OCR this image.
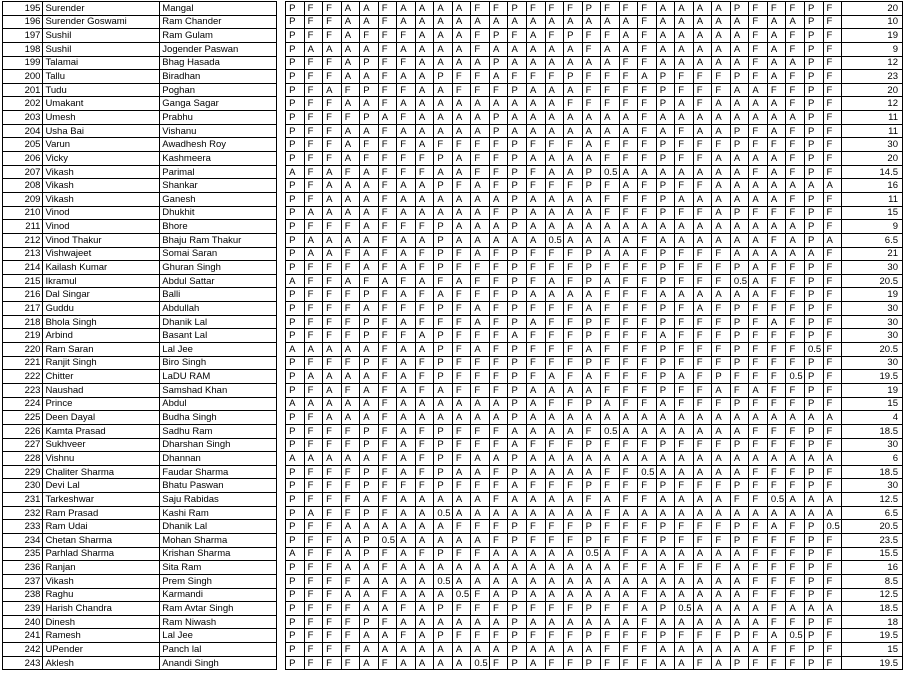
195	Surender	Mangal		P	F	F	A	A	F	A	A	A	A	F	F	P	F	F	F	P	F	F	F	A	A	A	A	P	F	F	F	P	F	20
196	Surender Goswami	Ram Chander		P	F	F	A	A	F	A	A	A	A	A	A	A	A	A	A	A	A	A	F	A	A	A	A	A	F	A	A	P	F	10
197	Sushil	Ram Gulam		P	F	F	A	F	F	F	A	A	A	F	P	F	A	F	P	F	F	A	F	A	A	A	A	A	F	A	F	P	F	19
198	Sushil	Jogender Paswan		P	A	A	A	A	F	A	A	A	A	F	A	A	A	A	A	F	A	A	F	A	A	A	A	A	F	A	F	P	F	9
199	Talamai	Bhag Hasada		P	F	F	A	P	F	F	A	A	A	A	P	A	A	A	A	A	A	F	F	A	A	A	A	A	F	A	A	P	F	12
200	Tallu	Biradhan		P	F	F	A	A	F	A	A	P	F	F	A	F	F	F	P	F	F	F	A	P	F	F	F	P	F	A	F	P	F	23
201	Tudu	Poghan		P	F	A	F	P	F	F	A	A	F	F	F	P	A	A	A	F	F	F	F	P	F	F	F	A	A	F	F	P	F	20
202	Umakant	Ganga Sagar		P	F	F	A	A	F	A	A	A	A	A	A	A	A	A	F	F	F	F	F	P	A	F	A	A	A	A	F	P	F	12
203	Umesh	Prabhu		P	F	F	F	P	A	F	A	A	A	A	P	A	A	A	A	A	A	A	F	A	A	A	A	A	A	A	A	P	F	11
204	Usha Bai	Vishanu		P	F	F	A	A	F	A	A	A	A	A	P	A	A	A	A	A	A	A	F	A	F	A	A	P	F	A	F	P	F	11
205	Varun	Awadhesh Roy		P	F	F	A	F	F	F	A	F	F	F	F	P	F	F	F	A	F	F	F	P	F	F	F	P	F	F	F	P	F	30
206	Vicky	Kashmeera		P	F	F	A	F	F	F	F	P	A	F	F	P	A	A	A	A	F	F	F	P	F	F	A	A	A	A	F	P	F	20
207	Vikash	Parimal		A	F	A	F	A	F	F	F	A	A	F	F	P	F	A	A	P	0.5	A	A	A	A	A	A	A	F	A	F	P	F	14.5
208	Vikash	Shankar		P	F	A	A	A	F	A	A	P	F	A	F	P	F	F	F	P	F	A	F	P	F	F	A	A	A	A	A	A	A	16
209	Vikash	Ganesh		P	F	A	A	A	F	A	A	A	A	A	A	P	A	A	A	A	F	F	F	P	A	A	A	A	A	A	F	P	F	11
210	Vinod	Dhukhit		P	A	A	A	A	F	A	A	A	A	A	F	P	A	A	A	A	F	F	F	P	F	F	A	P	F	F	F	P	F	15
211	Vinod	Bhore		P	F	F	F	A	F	F	F	P	A	A	A	P	A	A	A	A	A	A	A	A	A	A	A	A	A	A	A	P	F	9
212	Vinod Thakur	Bhaju Ram Thakur		P	A	A	A	A	F	A	A	P	A	A	A	A	A	0.5	A	A	A	A	F	A	A	A	A	A	A	F	A	P	A	6.5
213	Vishwajeet	Somai Saran		P	A	A	F	A	F	A	F	P	F	A	F	P	F	F	F	P	A	A	F	P	F	F	F	A	A	A	A	A	F	21
214	Kailash Kumar	Ghuran Singh		P	F	F	F	A	F	A	F	P	F	F	F	P	F	F	F	P	F	F	F	P	F	F	F	P	A	F	F	P	F	30
215	Ikramul	Abdul Sattar		A	F	F	A	F	A	F	A	F	A	F	F	P	F	A	F	P	A	F	F	P	F	F	F	0.5	A	F	F	P	F	20.5
216	Dal Singar	Balli		P	F	F	F	P	F	A	F	A	F	F	F	P	A	A	A	A	F	F	F	A	A	A	A	A	A	F	F	P	F	19
217	Guddu	Abdullah		P	F	F	F	A	F	F	F	P	F	A	F	P	F	F	F	A	F	F	F	P	F	A	F	P	F	F	F	P	F	30
218	Bhola Singh	Dhanik Lal		P	F	F	F	P	F	A	F	F	F	A	F	P	A	F	F	P	F	F	F	P	F	F	F	P	F	A	F	P	F	30
219	Arbind	Basant Lal		P	F	F	F	P	F	F	A	P	F	F	F	A	F	F	F	P	F	F	F	A	F	F	F	P	F	F	F	P	F	30
220	Ram Saran	Lal Jee		A	A	A	A	A	F	A	A	P	F	A	F	P	F	F	F	A	F	F	F	P	F	F	F	P	F	F	F	0.5	F	20.5
221	Ranjit Singh	Biro Singh		P	F	F	F	P	F	A	F	P	F	F	F	P	F	F	F	P	F	F	F	P	F	F	F	P	F	F	F	P	F	30
222	Chitter	LaDU RAM		P	A	A	A	A	F	A	F	P	F	F	F	P	F	A	F	A	F	F	F	P	A	F	P	F	F	F	0.5	P	F	19.5
223	Naushad	Samshad Khan		P	F	A	F	A	F	A	F	A	F	F	F	P	A	A	A	A	F	F	F	P	F	F	A	F	A	F	F	P	F	19
224	Prince	Abdul		A	A	A	A	A	F	A	A	A	A	A	A	P	A	F	F	P	A	F	F	A	F	F	F	P	F	F	F	P	F	15
225	Deen Dayal	Budha Singh		P	F	A	A	A	F	A	A	A	A	A	A	P	A	A	A	A	A	A	A	A	A	A	A	A	A	A	A	A	A	4
226	Kamta Prasad	Sadhu Ram		P	F	F	F	P	F	A	F	P	F	F	F	A	A	A	A	F	0.5	A	A	A	A	A	A	A	F	F	F	P	F	18.5
227	Sukhveer	Dharshan Singh		P	F	F	F	P	F	A	F	P	F	F	F	A	F	F	F	P	F	F	F	P	F	F	F	P	F	F	F	P	F	30
228	Vishnu	Dhannan		A	A	A	A	A	F	A	F	P	F	A	A	P	A	A	A	A	A	A	A	A	A	A	A	A	A	A	A	A	A	6
229	Chaliter Sharma	Faudar Sharma		P	F	F	F	P	F	A	F	P	A	A	F	P	A	A	A	A	F	F	0.5	A	A	A	A	A	F	F	F	P	F	18.5
230	Devi Lal	Bhatu Paswan		P	F	F	F	P	F	F	F	P	F	F	F	A	F	F	F	P	F	F	F	P	F	F	F	P	F	F	F	P	F	30
231	Tarkeshwar	Saju Rabidas		P	F	F	F	A	F	A	A	A	A	A	F	A	A	A	A	F	A	F	F	A	A	A	A	F	F	0.5	A	A	A	12.5
232	Ram Prasad	Kashi Ram		P	A	F	F	P	F	A	A	0.5	A	A	A	A	A	A	A	A	F	A	A	A	A	A	A	A	A	A	A	A	A	6.5
233	Ram Udai	Dhanik Lal		P	F	F	A	A	A	A	A	A	F	F	F	P	F	F	F	P	F	F	F	P	F	F	F	P	F	A	F	P	0.5	20.5
234	Chetan Sharma	Mohan Sharma		P	F	F	A	P	0.5	A	A	A	A	A	F	P	F	F	F	P	F	F	F	P	F	F	F	P	F	F	F	P	F	23.5
235	Parhlad Sharma	Krishan Sharma		A	F	F	A	P	F	A	F	P	F	F	A	A	A	A	A	0.5	A	F	A	A	A	A	A	A	F	F	F	P	F	15.5
236	Ranjan	Sita Ram		P	F	F	A	A	F	A	A	A	A	A	A	A	A	A	A	A	A	F	F	A	F	F	F	A	F	F	F	P	F	16
237	Vikash	Prem Singh		P	F	F	F	A	A	A	A	0.5	A	A	A	A	A	A	A	A	A	A	A	A	A	A	A	A	F	F	F	P	F	8.5
238	Raghu	Karmandi		P	F	F	A	A	F	A	A	A	0.5	F	A	P	A	A	A	A	A	A	F	A	A	A	A	A	F	F	F	P	F	12.5
239	Harish Chandra	Ram Avtar Singh		P	F	F	F	A	A	F	A	P	F	F	F	P	F	F	F	P	F	F	A	P	0.5	A	A	A	A	F	A	A	A	18.5
240	Dinesh	Ram Niwash		P	F	F	F	P	F	A	A	A	A	A	A	P	A	A	A	A	A	A	F	A	A	A	A	A	A	F	F	P	F	18
241	Ramesh	Lal Jee		P	F	F	F	A	A	F	A	P	F	F	F	P	F	F	F	P	F	F	F	P	F	F	F	P	F	A	0.5	P	F	19.5
242	UPender	Panch lal		P	F	F	F	A	A	A	A	A	A	A	A	P	A	A	A	A	F	F	F	A	A	A	A	A	A	F	F	P	F	15
243	Aklesh	Anandi Singh		P	F	F	F	A	F	A	A	A	A	0.5	F	P	A	F	F	P	F	F	F	A	A	F	A	P	F	F	F	P	F	19.5
